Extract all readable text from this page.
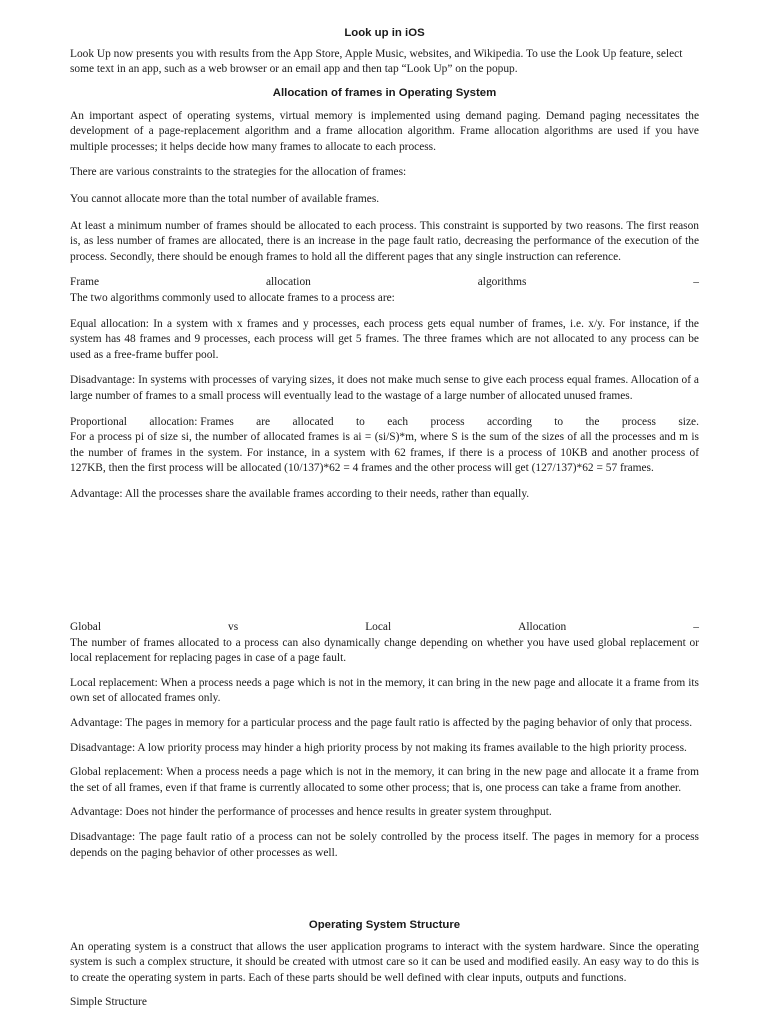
Look up in iOS

Look Up now presents you with results from the App Store, Apple Music, websites, and Wikipedia. To use the Look Up feature, select some text in an app, such as a web browser or an email app and then tap “Look Up” on the popup.

Allocation of frames in Operating System

An important aspect of operating systems, virtual memory is implemented using demand paging. Demand paging necessitates the development of a page-replacement algorithm and a frame allocation algorithm. Frame allocation algorithms are used if you have multiple processes; it helps decide how many frames to allocate to each process.

There are various constraints to the strategies for the allocation of frames:

You cannot allocate more than the total number of available frames.

At least a minimum number of frames should be allocated to each process. This constraint is supported by two reasons. The first reason is, as less number of frames are allocated, there is an increase in the page fault ratio, decreasing the performance of the execution of the process. Secondly, there should be enough frames to hold all the different pages that any single instruction can reference.

Frame	allocation	algorithms	–

The two algorithms commonly used to allocate frames to a process are:

Equal allocation: In a system with x frames and y processes, each process gets equal number of frames, i.e. x/y. For instance, if the system has 48 frames and 9 processes, each process will get 5 frames. The three frames which are not allocated to any process can be used as a free-frame buffer pool.

Disadvantage: In systems with processes of varying sizes, it does not make much sense to give each process equal frames. Allocation of a large number of frames to a small process will eventually lead to the wastage of a large number of allocated unused frames.

Proportional allocation: Frames are allocated to each process according to the process size.

For a process pi of size si, the number of allocated frames is ai = (si/S)*m, where S is the sum of the sizes of all the processes and m is the number of frames in the system. For instance, in a system with 62 frames, if there is a process of 10KB and another process of 127KB, then the first process will be allocated (10/137)*62 = 4 frames and the other process will get (127/137)*62 = 57 frames.

Advantage: All the processes share the available frames according to their needs, rather than equally.

Global	vs	Local	Allocation	–

The number of frames allocated to a process can also dynamically change depending on whether you have used global replacement or local replacement for replacing pages in case of a page fault.

Local replacement: When a process needs a page which is not in the memory, it can bring in the new page and allocate it a frame from its own set of allocated frames only.

Advantage: The pages in memory for a particular process and the page fault ratio is affected by the paging behavior of only that process.

Disadvantage: A low priority process may hinder a high priority process by not making its frames available to the high priority process.

Global replacement: When a process needs a page which is not in the memory, it can bring in the new page and allocate it a frame from the set of all frames, even if that frame is currently allocated to some other process; that is, one process can take a frame from another.

Advantage: Does not hinder the performance of processes and hence results in greater system throughput.

Disadvantage: The page fault ratio of a process can not be solely controlled by the process itself. The pages in memory for a process depends on the paging behavior of other processes as well.

Operating System Structure

An operating system is a construct that allows the user application programs to interact with the system hardware. Since the operating system is such a complex structure, it should be created with utmost care so it can be used and modified easily. An easy way to do this is to create the operating system in parts. Each of these parts should be well defined with clear inputs, outputs and functions.

Simple Structure
